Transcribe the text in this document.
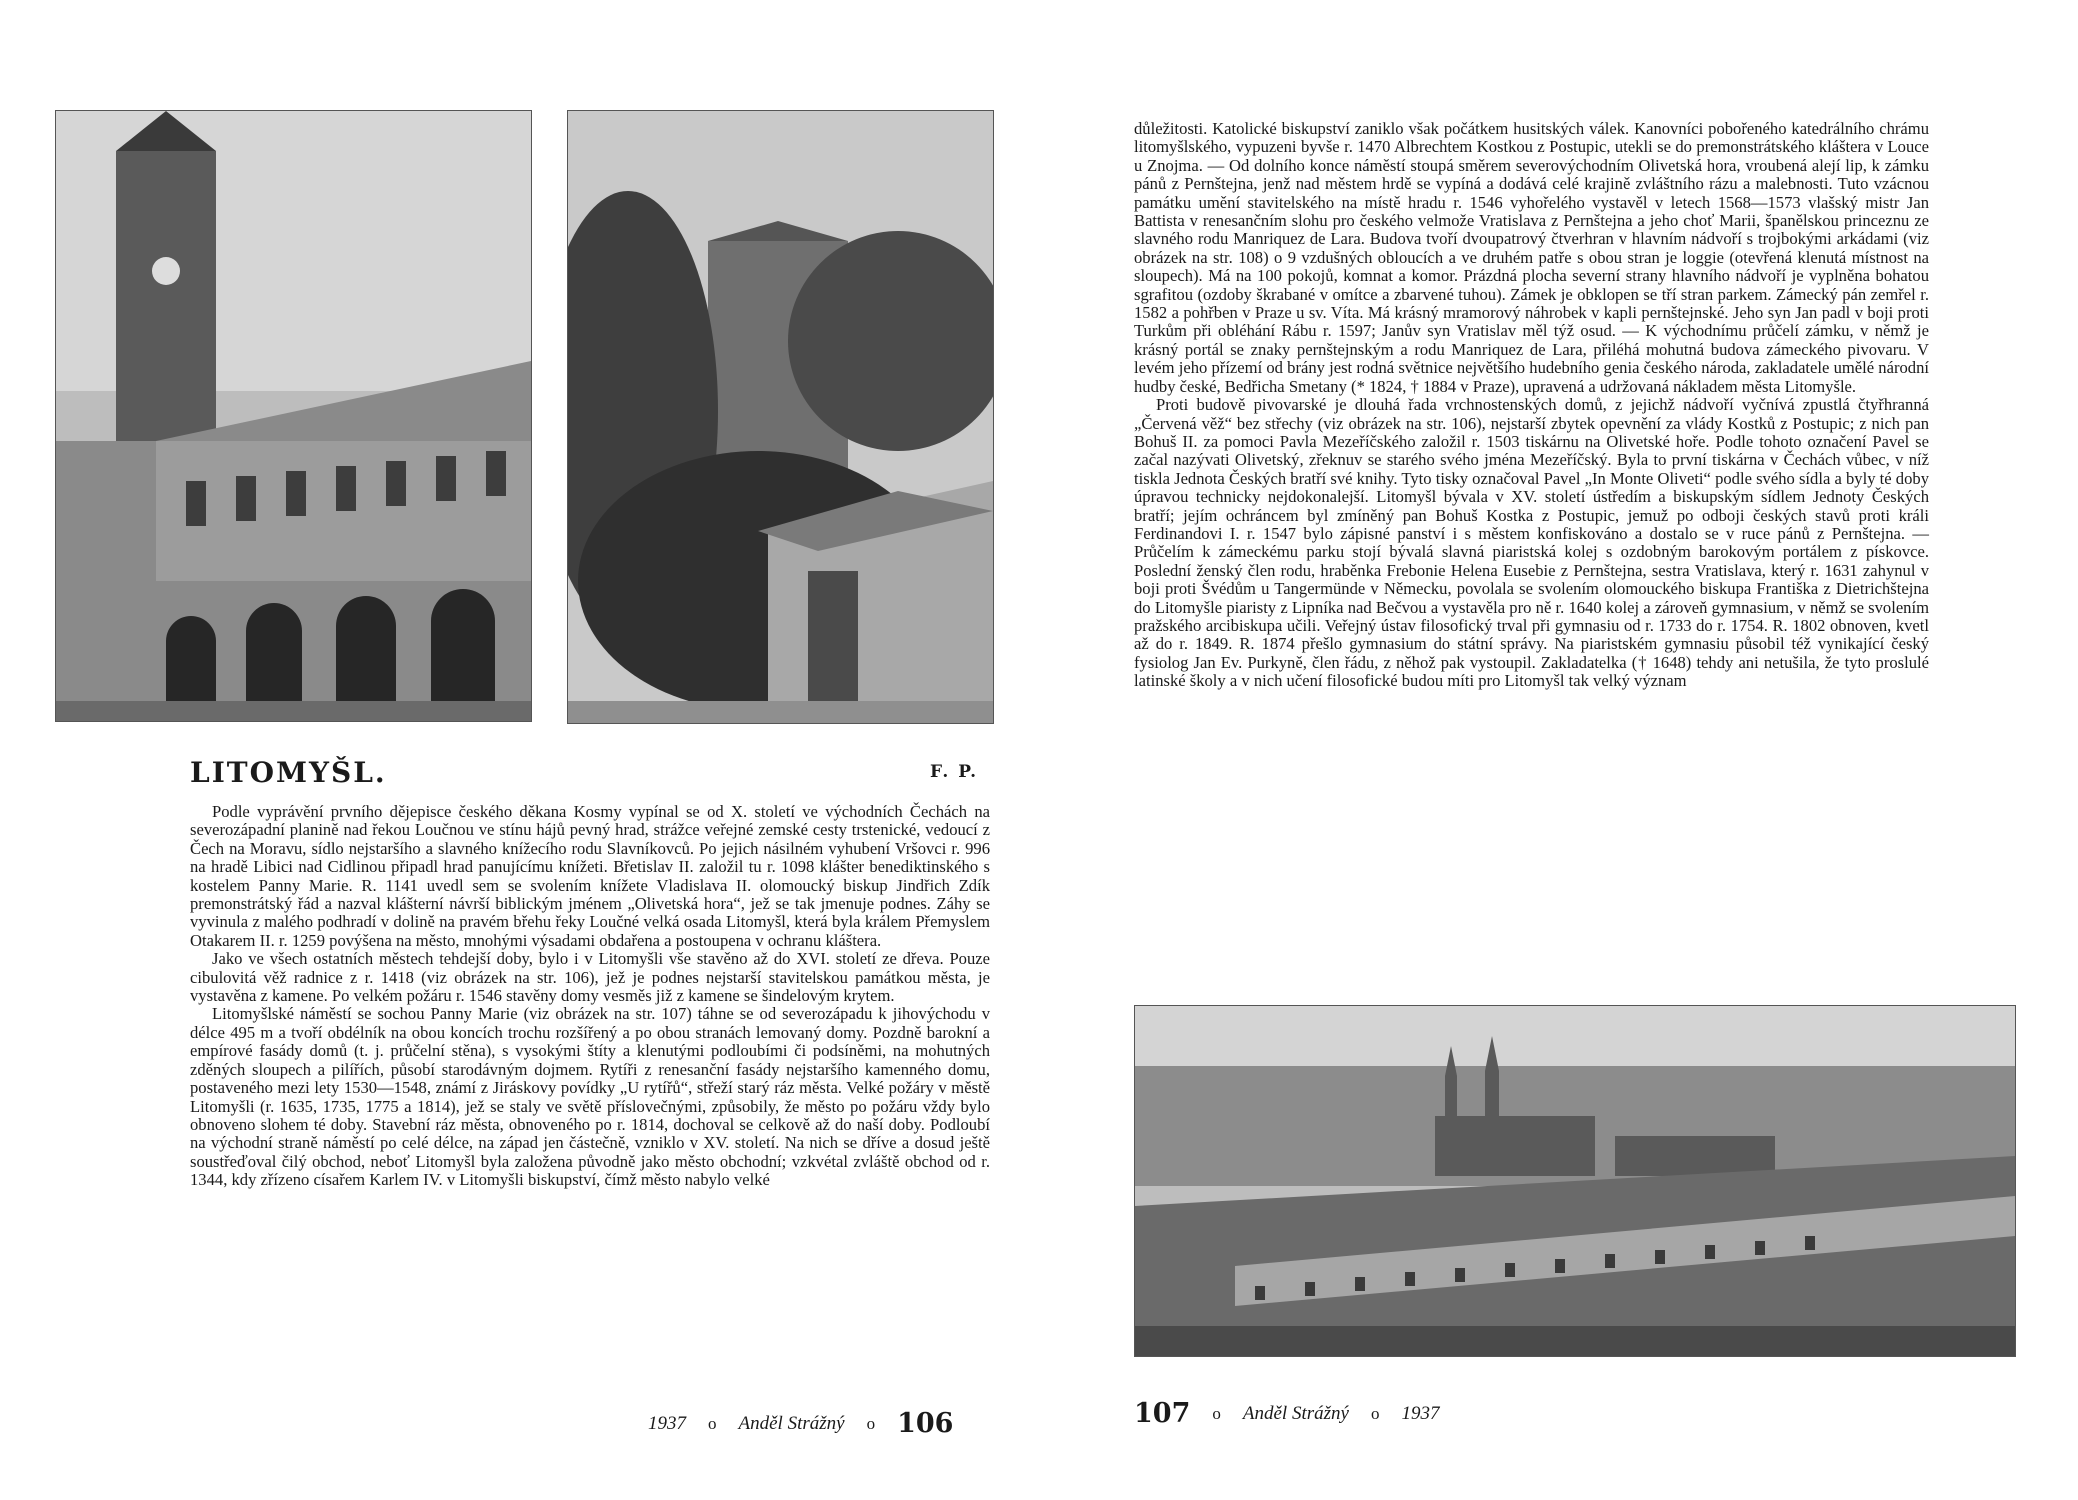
LITOMYŠL.	F. P.

Podle vyprávění prvního dějepisce českého děkana Kosmy vypínal se od X. století ve východních Čechách na severozápadní planině nad řekou Loučnou ve stínu hájů pevný hrad, strážce veřejné zemské cesty trstenické, vedoucí z Čech na Moravu, sídlo nejstaršího a slavného knížecího rodu Slavníkovců. Po jejich násilném vyhubení Vršovci r. 996 na hradě Libici nad Cidlinou připadl hrad panujícímu knížeti. Břetislav II. založil tu r. 1098 klášter benediktinského s kostelem Panny Marie. R. 1141 uvedl sem se svolením knížete Vladislava II. olomoucký biskup Jindřich Zdík premonstrátský řád a nazval klášterní návrší biblickým jménem „Olivetská hora“, jež se tak jmenuje podnes. Záhy se vyvinula z malého podhradí v dolině na pravém břehu řeky Loučné velká osada Litomyšl, která byla králem Přemyslem Otakarem II. r. 1259 povýšena na město, mnohými výsadami obdařena a postoupena v ochranu kláštera.

Jako ve všech ostatních městech tehdejší doby, bylo i v Litomyšli vše stavěno až do XVI. století ze dřeva. Pouze cibulovitá věž radnice z r. 1418 (viz obrázek na str. 106), jež je podnes nejstarší stavitelskou památkou města, je vystavěna z kamene. Po velkém požáru r. 1546 stavěny domy vesměs již z kamene se šindelovým krytem.

Litomyšlské náměstí se sochou Panny Marie (viz obrázek na str. 107) táhne se od severozápadu k jihovýchodu v délce 495 m a tvoří obdélník na obou koncích trochu rozšířený a po obou stranách lemovaný domy. Pozdně barokní a empírové fasády domů (t. j. průčelní stěna), s vysokými štíty a klenutými podloubími či podsíněmi, na mohutných zděných sloupech a pilířích, působí starodávným dojmem. Rytíři z renesanční fasády nejstaršího kamenného domu, postaveného mezi lety 1530—1548, známí z Jiráskovy povídky „U rytířů“, střeží starý ráz města. Velké požáry v městě Litomyšli (r. 1635, 1735, 1775 a 1814), jež se staly ve světě příslovečnými, způsobily, že město po požáru vždy bylo obnoveno slohem té doby. Stavební ráz města, obnoveného po r. 1814, dochoval se celkově až do naší doby. Podloubí na východní straně náměstí po celé délce, na západ jen částečně, vzniklo v XV. století. Na nich se dříve a dosud ještě soustřeďoval čilý obchod, neboť Litomyšl byla založena původně jako město obchodní; vzkvétal zvláště obchod od r. 1344, kdy zřízeno císařem Karlem IV. v Litomyšli biskupství, čímž město nabylo velké

důležitosti. Katolické biskupství zaniklo však počátkem husitských válek. Kanovníci pobořeného katedrálního chrámu litomyšlského, vypuzeni byvše r. 1470 Albrechtem Kostkou z Postupic, utekli se do premonstrátského kláštera v Louce u Znojma. — Od dolního konce náměstí stoupá směrem severovýchodním Olivetská hora, vroubená alejí lip, k zámku pánů z Pernštejna, jenž nad městem hrdě se vypíná a dodává celé krajině zvláštního rázu a malebnosti. Tuto vzácnou památku umění stavitelského na místě hradu r. 1546 vyhořelého vystavěl v letech 1568—1573 vlašský mistr Jan Battista v renesančním slohu pro českého velmože Vratislava z Pernštejna a jeho choť Marii, španělskou princeznu ze slavného rodu Manriquez de Lara. Budova tvoří dvoupatrový čtverhran v hlavním nádvoří s trojbokými arkádami (viz obrázek na str. 108) o 9 vzdušných obloucích a ve druhém patře s obou stran je loggie (otevřená klenutá místnost na sloupech). Má na 100 pokojů, komnat a komor. Prázdná plocha severní strany hlavního nádvoří je vyplněna bohatou sgrafitou (ozdoby škrabané v omítce a zbarvené tuhou). Zámek je obklopen se tří stran parkem. Zámecký pán zemřel r. 1582 a pohřben v Praze u sv. Víta. Má krásný mramorový náhrobek v kapli pernštejnské. Jeho syn Jan padl v boji proti Turkům při obléhání Rábu r. 1597; Janův syn Vratislav měl týž osud. — K východnímu průčelí zámku, v němž je krásný portál se znaky pernštejnským a rodu Manriquez de Lara, přiléhá mohutná budova zámeckého pivovaru. V levém jeho přízemí od brány jest rodná světnice největšího hudebního genia českého národa, zakladatele umělé národní hudby české, Bedřicha Smetany (* 1824, † 1884 v Praze), upravená a udržovaná nákladem města Litomyšle.

Proti budově pivovarské je dlouhá řada vrchnostenských domů, z jejichž nádvoří vyčnívá zpustlá čtyřhranná „Červená věž“ bez střechy (viz obrázek na str. 106), nejstarší zbytek opevnění za vlády Kostků z Postupic; z nich pan Bohuš II. za pomoci Pavla Mezeříčského založil r. 1503 tiskárnu na Olivetské hoře. Podle tohoto označení Pavel se začal nazývati Olivetský, zřeknuv se starého svého jména Mezeříčský. Byla to první tiskárna v Čechách vůbec, v níž tiskla Jednota Českých bratří své knihy. Tyto tisky označoval Pavel „In Monte Oliveti“ podle svého sídla a byly té doby úpravou technicky nejdokonalejší. Litomyšl bývala v XV. století ústředím a biskupským sídlem Jednoty Českých bratří; jejím ochráncem byl zmíněný pan Bohuš Kostka z Postupic, jemuž po odboji českých stavů proti králi Ferdinandovi I. r. 1547 bylo zápisné panství i s městem konfiskováno a dostalo se v ruce pánů z Pernštejna. — Průčelím k zámeckému parku stojí bývalá slavná piaristská kolej s ozdobným barokovým portálem z pískovce. Poslední ženský člen rodu, hraběnka Frebonie Helena Eusebie z Pernštejna, sestra Vratislava, který r. 1631 zahynul v boji proti Švédům u Tangermünde v Německu, povolala se svolením olomouckého biskupa Františka z Dietrichštejna do Litomyšle piaristy z Lipníka nad Bečvou a vystavěla pro ně r. 1640 kolej a zároveň gymnasium, v němž se svolením pražského arcibiskupa učili. Veřejný ústav filosofický trval při gymnasiu od r. 1733 do r. 1754. R. 1802 obnoven, kvetl až do r. 1849. R. 1874 přešlo gymnasium do státní správy. Na piaristském gymnasiu působil též vynikající český fysiolog Jan Ev. Purkyně, člen řádu, z něhož pak vystoupil. Zakladatelka († 1648) tehdy ani netušila, že tyto proslulé latinské školy a v nich učení filosofické budou míti pro Litomyšl tak velký význam

1937 o Anděl Strážný o 106	107 o Anděl Strážný o 1937
